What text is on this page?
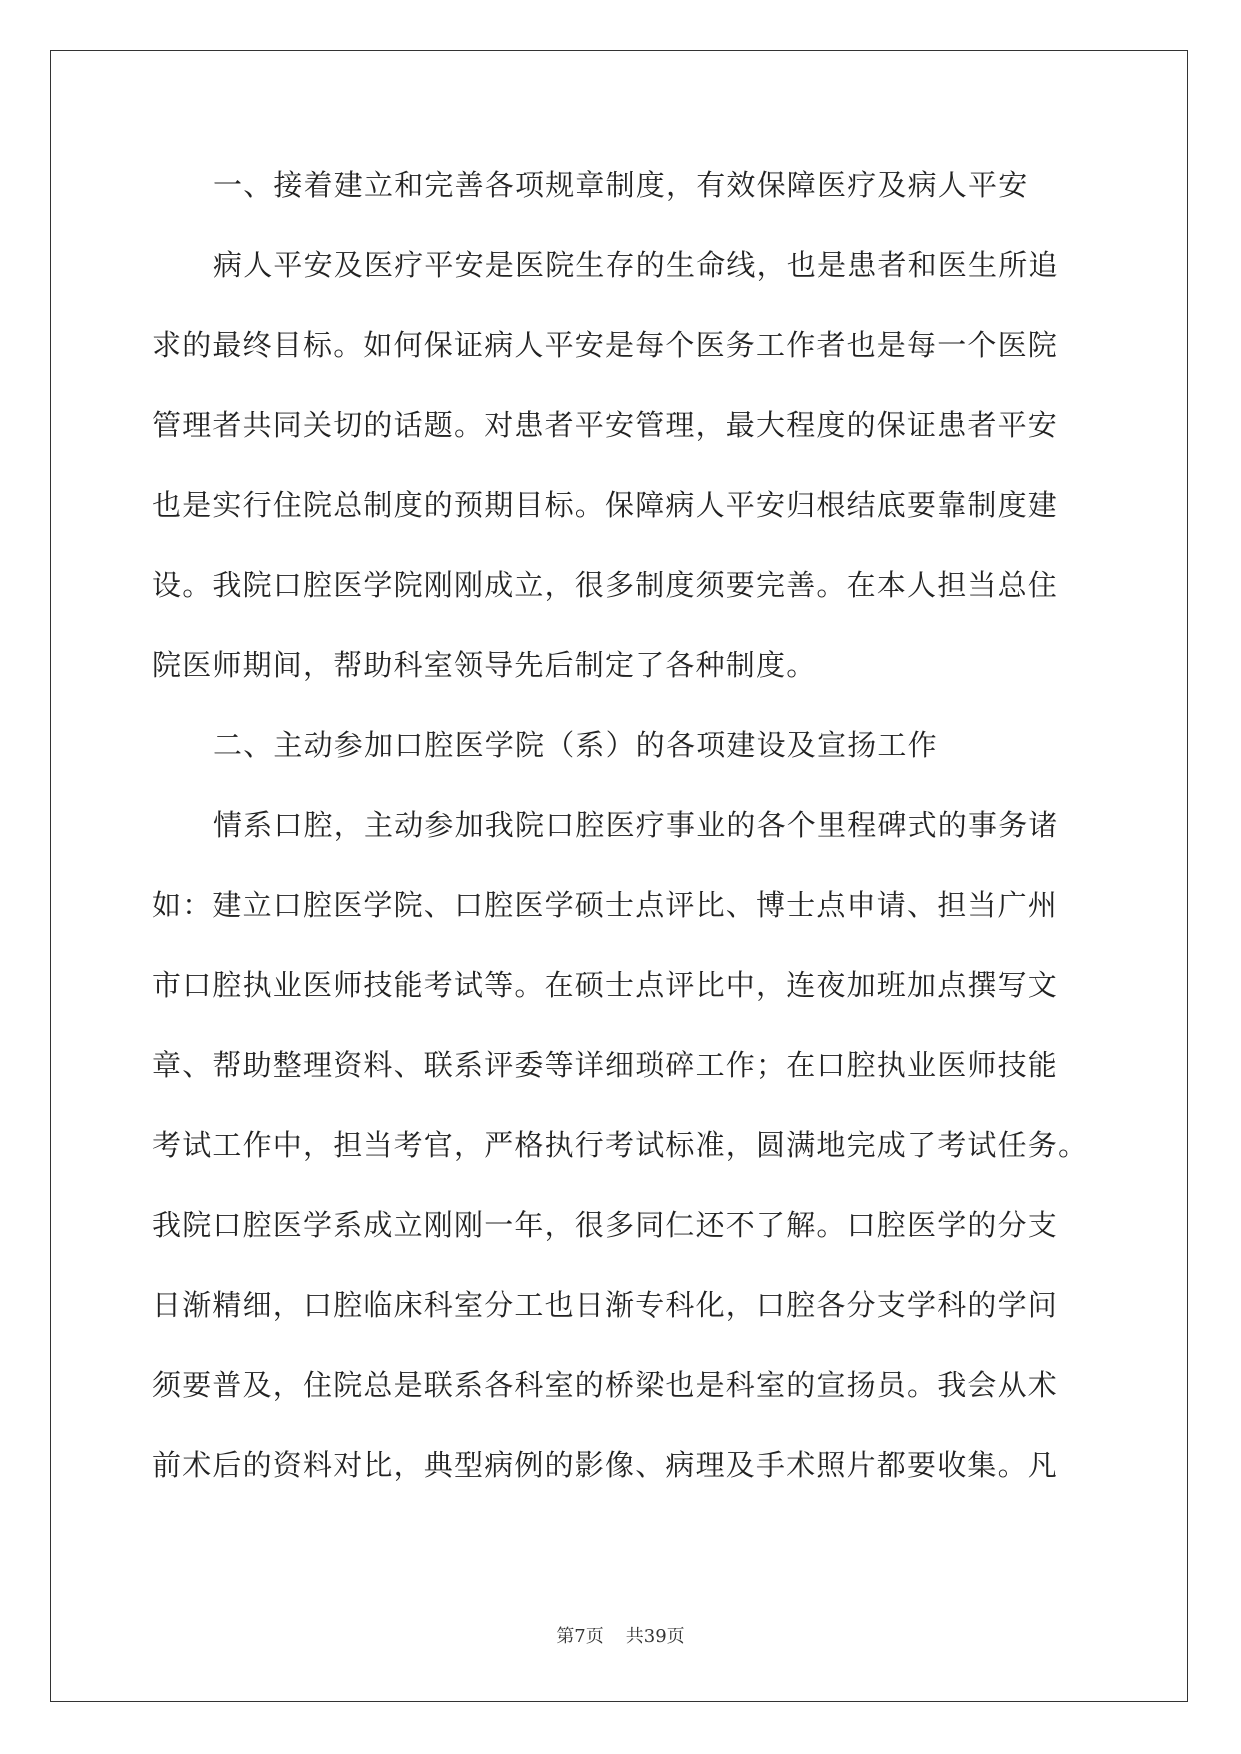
一、接着建立和完善各项规章制度，有效保障医疗及病人平安
病人平安及医疗平安是医院生存的生命线，也是患者和医生所追
求的最终目标。如何保证病人平安是每个医务工作者也是每一个医院
管理者共同关切的话题。对患者平安管理，最大程度的保证患者平安
也是实行住院总制度的预期目标。保障病人平安归根结底要靠制度建
设。我院口腔医学院刚刚成立，很多制度须要完善。在本人担当总住
院医师期间，帮助科室领导先后制定了各种制度。
二、主动参加口腔医学院（系）的各项建设及宣扬工作
情系口腔，主动参加我院口腔医疗事业的各个里程碑式的事务诸
如：建立口腔医学院、口腔医学硕士点评比、博士点申请、担当广州
市口腔执业医师技能考试等。在硕士点评比中，连夜加班加点撰写文
章、帮助整理资料、联系评委等详细琐碎工作；在口腔执业医师技能
考试工作中，担当考官，严格执行考试标准，圆满地完成了考试任务。
我院口腔医学系成立刚刚一年，很多同仁还不了解。口腔医学的分支
日渐精细，口腔临床科室分工也日渐专科化，口腔各分支学科的学问
须要普及，住院总是联系各科室的桥梁也是科室的宣扬员。我会从术
前术后的资料对比，典型病例的影像、病理及手术照片都要收集。凡
第7页 共39页
